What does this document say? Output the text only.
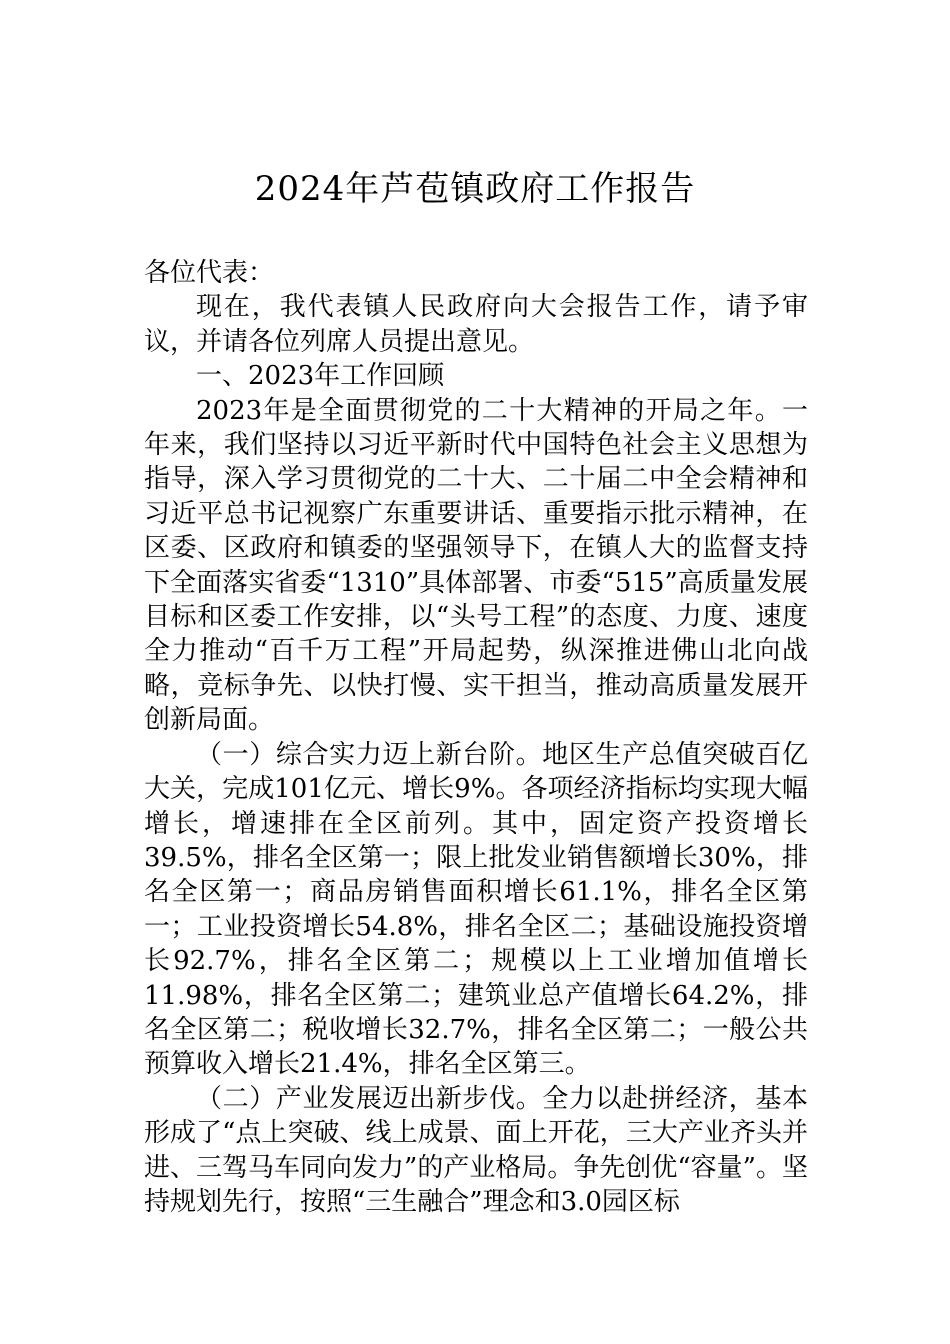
2024年芦苞镇政府工作报告

各位代表：

现在，我代表镇人民政府向大会报告工作，请予审议，并请各位列席人员提出意见。

一、2023年工作回顾

2023年是全面贯彻党的二十大精神的开局之年。一年来，我们坚持以习近平新时代中国特色社会主义思想为指导，深入学习贯彻党的二十大、二十届二中全会精神和习近平总书记视察广东重要讲话、重要指示批示精神，在区委、区政府和镇委的坚强领导下，在镇人大的监督支持下全面落实省委“1310”具体部署、市委“515”高质量发展目标和区委工作安排，以“头号工程”的态度、力度、速度全力推动“百千万工程”开局起势，纵深推进佛山北向战略，竞标争先、以快打慢、实干担当，推动高质量发展开创新局面。

（一）综合实力迈上新台阶。地区生产总值突破百亿大关，完成101亿元、增长9%。各项经济指标均实现大幅增长，增速排在全区前列。其中，固定资产投资增长39.5%，排名全区第一；限上批发业销售额增长30%，排名全区第一；商品房销售面积增长61.1%，排名全区第一；工业投资增长54.8%，排名全区二；基础设施投资增长92.7%，排名全区第二；规模以上工业增加值增长11.98%，排名全区第二；建筑业总产值增长64.2%，排名全区第二；税收增长32.7%，排名全区第二；一般公共预算收入增长21.4%，排名全区第三。

（二）产业发展迈出新步伐。全力以赴拼经济，基本形成了“点上突破、线上成景、面上开花，三大产业齐头并进、三驾马车同向发力”的产业格局。争先创优“容量”。坚持规划先行，按照“三生融合”理念和3.0园区标
